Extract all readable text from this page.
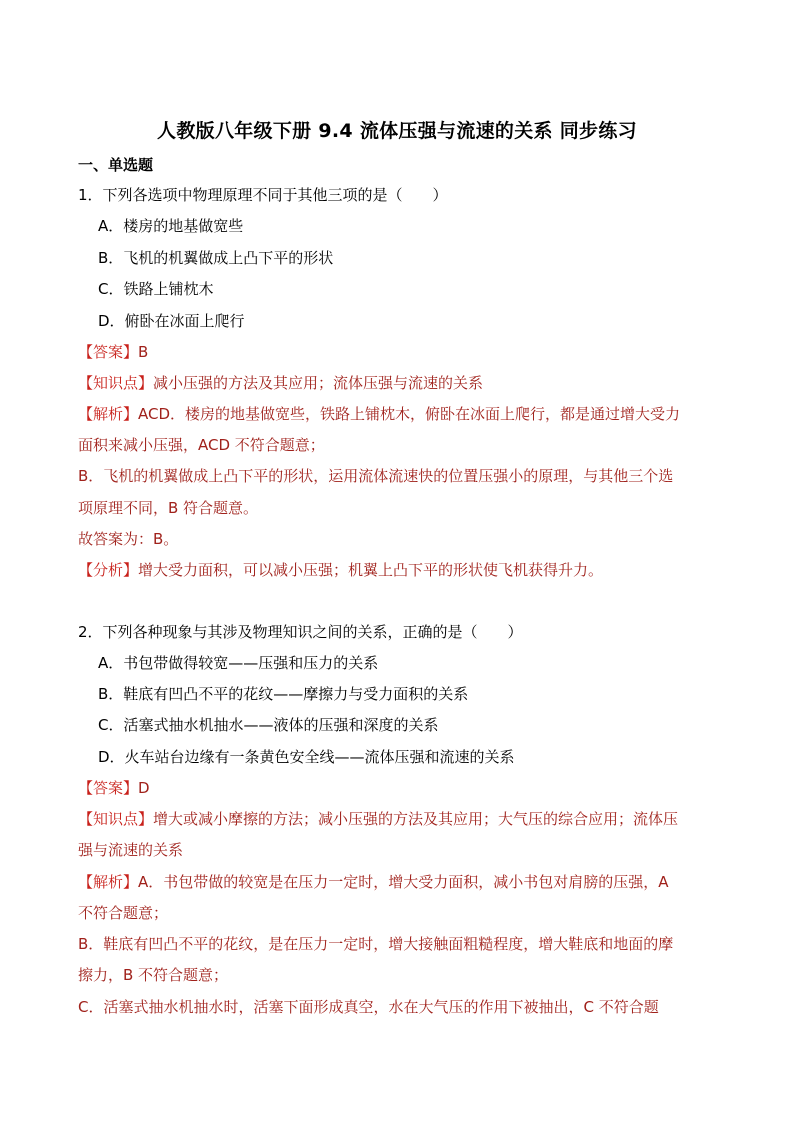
人教版八年级下册 9.4 流体压强与流速的关系 同步练习
一、单选题
1．下列各选项中物理原理不同于其他三项的是（　　）
A．楼房的地基做宽些
B．飞机的机翼做成上凸下平的形状
C．铁路上铺枕木
D．俯卧在冰面上爬行
【答案】B
【知识点】减小压强的方法及其应用；流体压强与流速的关系
【解析】ACD．楼房的地基做宽些，铁路上铺枕木，俯卧在冰面上爬行，都是通过增大受力
面积来减小压强，ACD 不符合题意；
B．飞机的机翼做成上凸下平的形状，运用流体流速快的位置压强小的原理，与其他三个选
项原理不同，B 符合题意。
故答案为：B。
【分析】增大受力面积，可以减小压强；机翼上凸下平的形状使飞机获得升力。
2．下列各种现象与其涉及物理知识之间的关系，正确的是（　　）
A．书包带做得较宽——压强和压力的关系
B．鞋底有凹凸不平的花纹——摩擦力与受力面积的关系
C．活塞式抽水机抽水——液体的压强和深度的关系
D．火车站台边缘有一条黄色安全线——流体压强和流速的关系
【答案】D
【知识点】增大或减小摩擦的方法；减小压强的方法及其应用；大气压的综合应用；流体压
强与流速的关系
【解析】A．书包带做的较宽是在压力一定时，增大受力面积，减小书包对肩膀的压强，A
不符合题意；
B．鞋底有凹凸不平的花纹，是在压力一定时，增大接触面粗糙程度，增大鞋底和地面的摩
擦力，B 不符合题意；
C．活塞式抽水机抽水时，活塞下面形成真空，水在大气压的作用下被抽出，C 不符合题
